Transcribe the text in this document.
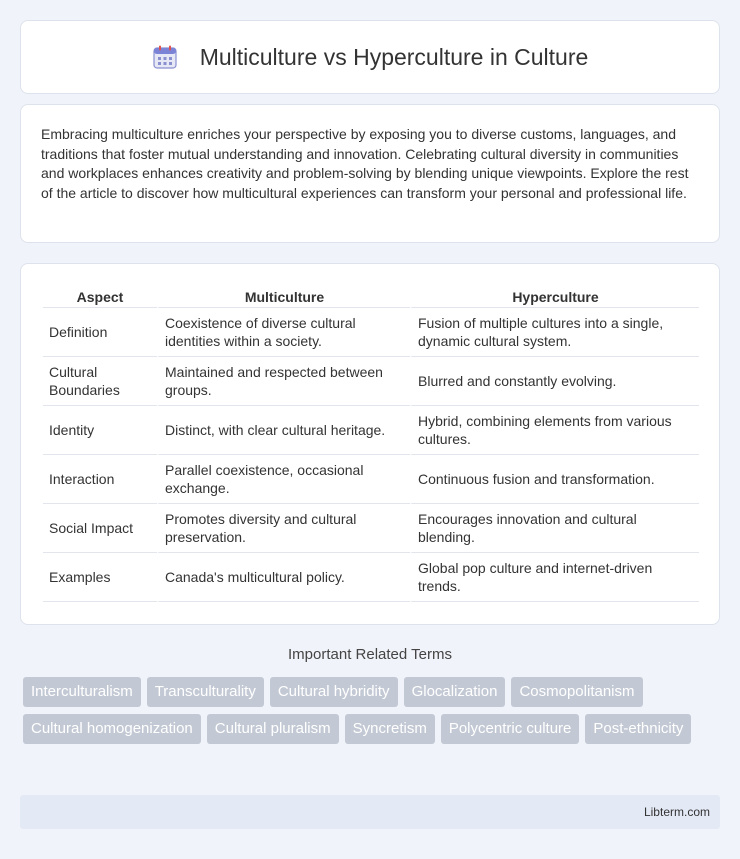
Multiculture vs Hyperculture in Culture

Embracing multiculture enriches your perspective by exposing you to diverse customs, languages, and traditions that foster mutual understanding and innovation. Celebrating cultural diversity in communities and workplaces enhances creativity and problem-solving by blending unique viewpoints. Explore the rest of the article to discover how multicultural experiences can transform your personal and professional life.

Aspect	Multiculture	Hyperculture
Definition	Coexistence of diverse cultural identities within a society.	Fusion of multiple cultures into a single, dynamic cultural system.
Cultural Boundaries	Maintained and respected between groups.	Blurred and constantly evolving.
Identity	Distinct, with clear cultural heritage.	Hybrid, combining elements from various cultures.
Interaction	Parallel coexistence, occasional exchange.	Continuous fusion and transformation.
Social Impact	Promotes diversity and cultural preservation.	Encourages innovation and cultural blending.
Examples	Canada's multicultural policy.	Global pop culture and internet-driven trends.
Important Related Terms
Interculturalism	Transculturality	Cultural hybridity	Glocalization	Cosmopolitanism
Cultural homogenization	Cultural pluralism	Syncretism	Polycentric culture	Post-ethnicity
Libterm.com
